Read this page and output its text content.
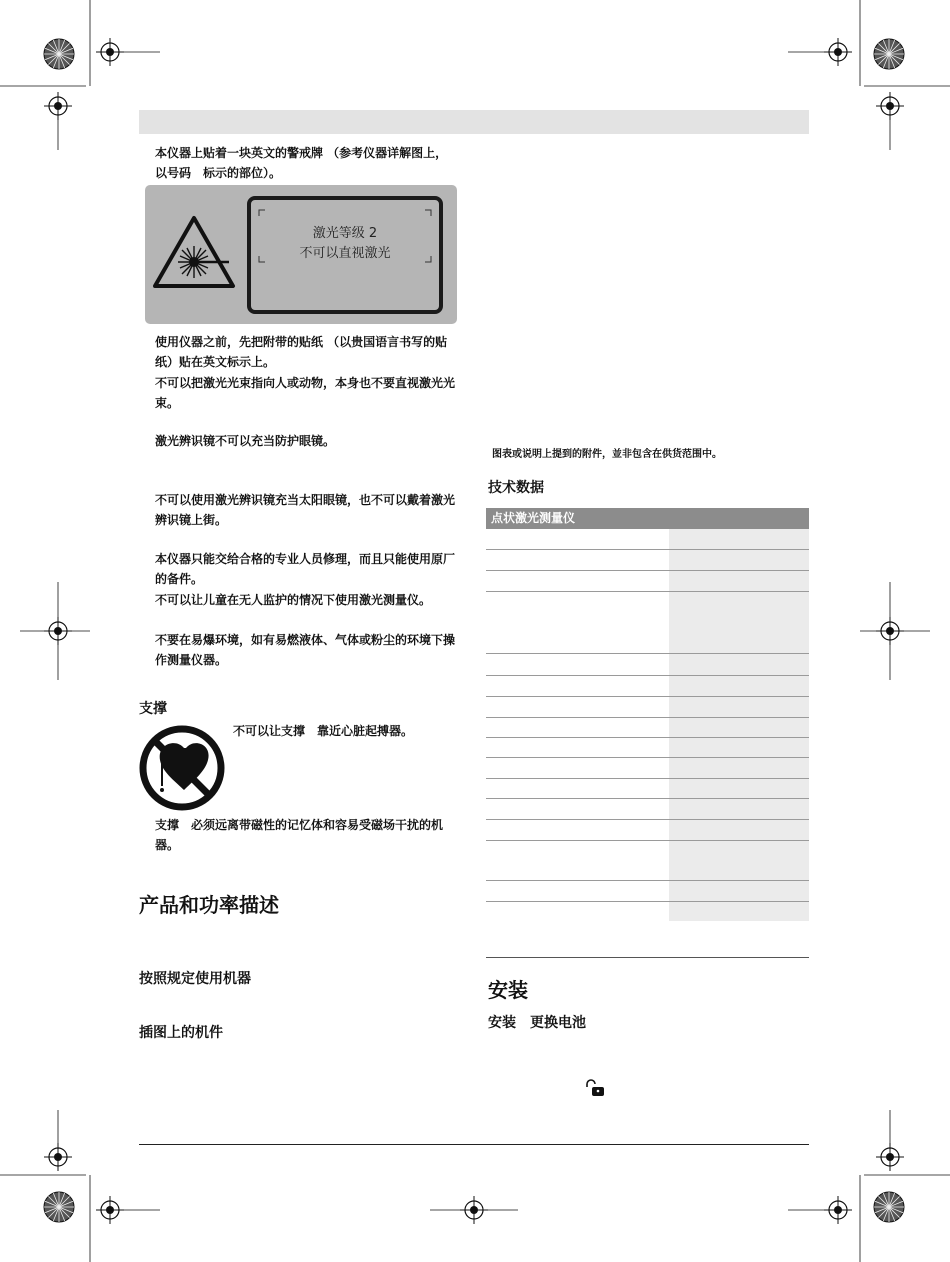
本仪器上贴着一块英文的警戒牌 （参考仪器详解图上，以号码　标示的部位）。

激光等级 2
不可以直视激光

使用仪器之前，先把附带的贴纸 （以贵国语言书写的贴纸）贴在英文标示上。

不可以把激光光束指向人或动物，本身也不要直视激光光束。

激光辨识镜不可以充当防护眼镜。

不可以使用激光辨识镜充当太阳眼镜，也不可以戴着激光辨识镜上街。

本仪器只能交给合格的专业人员修理，而且只能使用原厂的备件。

不可以让儿童在无人监护的情况下使用激光测量仪。

不要在易爆环境，如有易燃液体、气体或粉尘的环境下操作测量仪器。

支撑

不可以让支撑　靠近心脏起搏器。

支撑　必须远离带磁性的记忆体和容易受磁场干扰的机器。

产品和功率描述
按照规定使用机器
插图上的机件

图表或说明上提到的附件，並非包含在供货范围中。

技术数据
点状激光测量仪
安装
安装　更换电池
